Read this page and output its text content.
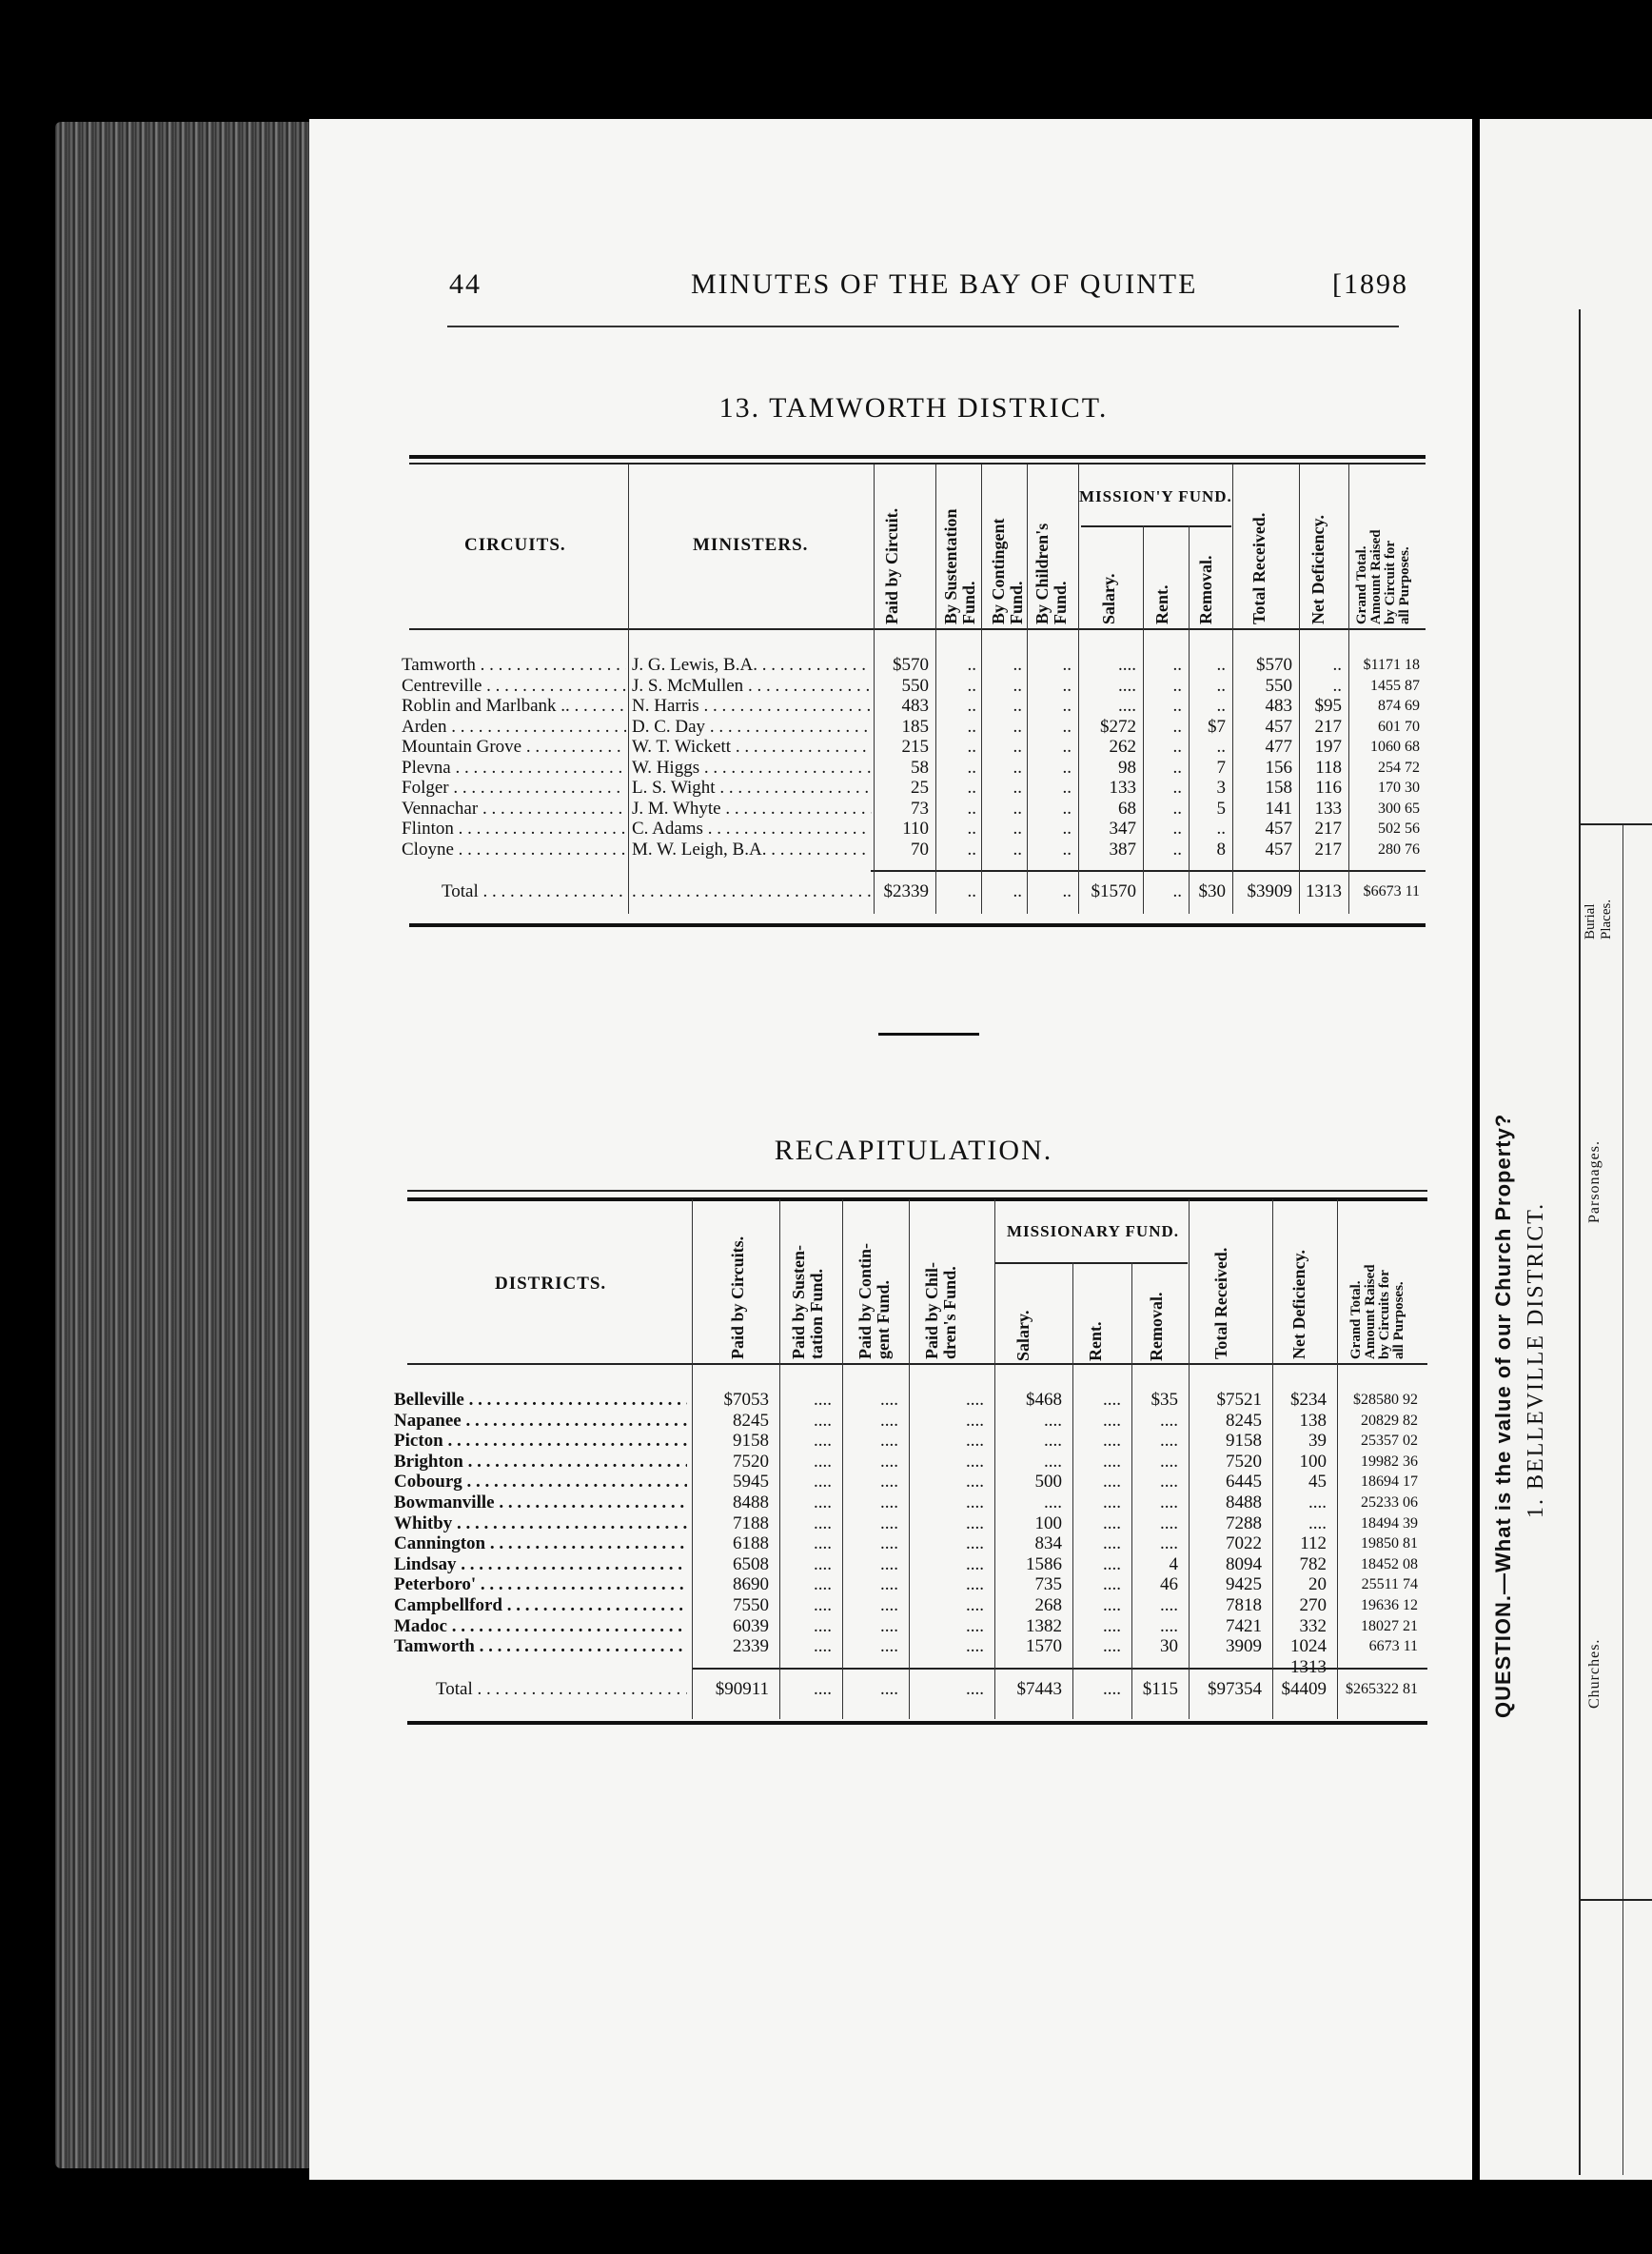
44	MINUTES OF THE BAY OF QUINTE	[1898
13. TAMWORTH DISTRICT.
CIRCUITS.	MINISTERS.
MISSION'Y FUND.
Paid by Circuit. By Sustentation
Fund. By Contingent
Fund. By Children's
Fund. Salary. Rent. Removal. Total Received. Net Deficiency. Grand Total.
Amount Raised
by Circuit for
all Purposes.
Tamworth . . .	J. G. Lewis, B.A. . . .	$570	..	..	..	....	..	..	$570	..	$1171 18
Centreville . . .	J. S. McMullen . . .	550	..	..	..	....	..	..	550	..	1455 87
Roblin and Marlbank .. . . .	N. Harris . . .	483	..	..	..	....	..	..	483	$95	874 69
Arden . . .	D. C. Day . . .	185	..	..	..	$272	..	$7	457	217	601 70
Mountain Grove . . .	W. T. Wickett . . .	215	..	..	..	262	..	..	477	197	1060 68
Plevna . . .	W. Higgs . . .	58	..	..	..	98	..	7	156	118	254 72
Folger . . .	L. S. Wight . . .	25	..	..	..	133	..	3	158	116	170 30
Vennachar . . .	J. M. Whyte . . .	73	..	..	..	68	..	5	141	133	300 65
Flinton . . .	C. Adams . . .	110	..	..	..	347	..	..	457	217	502 56
Cloyne . . .	M. W. Leigh, B.A. . . .	70	..	..	..	387	..	8	457	217	280 76
Total . . .
. . .	$2339	..	..	..	$1570	.. $30	$3909 1313	$6673 11
RECAPITULATION.
DISTRICTS.
MISSIONARY FUND.
Paid by Circuits. Paid by Susten-
tation Fund.
Paid by Contin-
gent Fund.
Paid by Chil-
dren's Fund.
Salary.	Rent. Removal.	Total Received.	Net Deficiency.	Grand Total.
Amount Raised
by Circuits for
all Purposes.
Belleville . . .	$7053	....	....	....	$468	....	$35	$7521	$234	$28580 92
Napanee . . .	8245	....	....	....	....	....	....	8245	138	20829 82
Picton . . .	9158	....	....	....	....	....	....	9158	39	25357 02
Brighton . . .	7520	....	....	....	....	....	....	7520	100	19982 36
Cobourg . . .	5945	....	....	....	500	....	....	6445	45	18694 17
Bowmanville . . .	8488	....	....	....	....	....	....	8488	....	25233 06
Whitby . . .	7188	....	....	....	100	....	....	7288	....	18494 39
Cannington . . .	6188	....	....	....	834	....	....	7022	112	19850 81
Lindsay . . .	6508	....	....	....	1586	....	4	8094	782	18452 08
Peterboro' . . .	8690	....	....	....	735	....	46	9425	20	25511 74
Campbellford . . .	7550	....	....	....	268	....	....	7818	270	19636 12
Madoc . . .	6039	....	....	....	1382	....	....	7421	332	18027 21
Tamworth . . .	2339	....	....	....	1570	....	30	3909	1024	6673 11
1313
Total . . .	$90911	....	....	....	$7443	....	$115	$97354	$4409	$265322 81	QUESTION.—What is the value of our Church Property? 1. BELLEVILLE DISTRICT.
Churches.
Parsonages.
Burial
Places.
